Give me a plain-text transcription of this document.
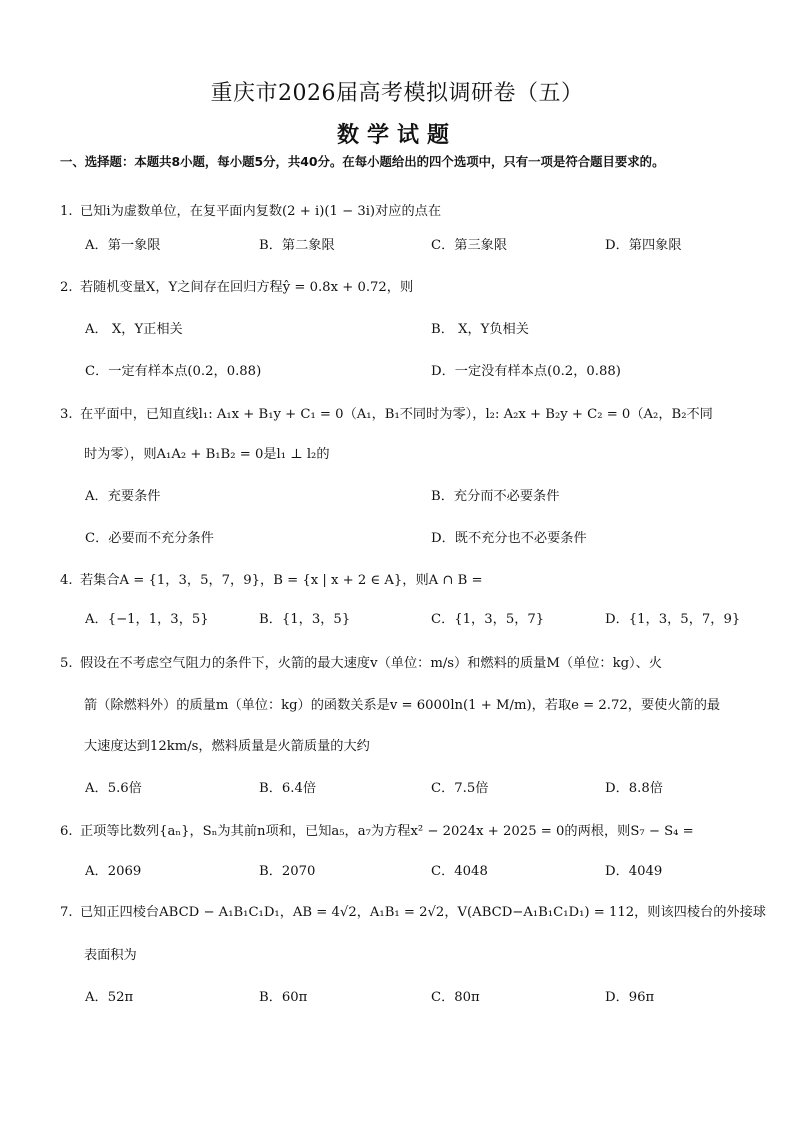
重庆市2026届高考模拟调研卷（五）
数学试题
一、选择题：本题共8小题，每小题5分，共40分。在每小题给出的四个选项中，只有一项是符合题目要求的。
1. 已知i为虚数单位，在复平面内复数(2 + i)(1 − 3i)对应的点在
A．第一象限	B．第二象限	C．第三象限	D．第四象限
2. 若随机变量X，Y之间存在回归方程ŷ = 0.8x + 0.72，则
A． X，Y正相关	B． X，Y负相关
C．一定有样本点(0.2，0.88)	D．一定没有样本点(0.2，0.88)
3. 在平面中，已知直线l₁: A₁x + B₁y + C₁ = 0（A₁，B₁不同时为零），l₂: A₂x + B₂y + C₂ = 0（A₂，B₂不同
时为零），则A₁A₂ + B₁B₂ = 0是l₁ ⊥ l₂的
A．充要条件	B．充分而不必要条件
C．必要而不充分条件	D．既不充分也不必要条件
4. 若集合A = {1，3，5，7，9}，B = {x | x + 2 ∈ A}，则A ∩ B =
A．{−1，1，3，5}	B．{1，3，5}	C．{1，3，5，7}	D．{1，3，5，7，9}
5. 假设在不考虑空气阻力的条件下，火箭的最大速度v（单位：m/s）和燃料的质量M（单位：kg）、火
箭（除燃料外）的质量m（单位：kg）的函数关系是v = 6000ln(1 + M/m)，若取e = 2.72，要使火箭的最
大速度达到12km/s，燃料质量是火箭质量的大约
A．5.6倍	B．6.4倍	C．7.5倍	D．8.8倍
6. 正项等比数列{aₙ}，Sₙ为其前n项和，已知a₅，a₇为方程x² − 2024x + 2025 = 0的两根，则S₇ − S₄ =
A．2069	B．2070	C．4048	D．4049
7. 已知正四棱台ABCD − A₁B₁C₁D₁，AB = 4√2，A₁B₁ = 2√2，V(ABCD−A₁B₁C₁D₁) = 112，则该四棱台的外接球
表面积为
A．52π	B．60π	C．80π	D．96π
